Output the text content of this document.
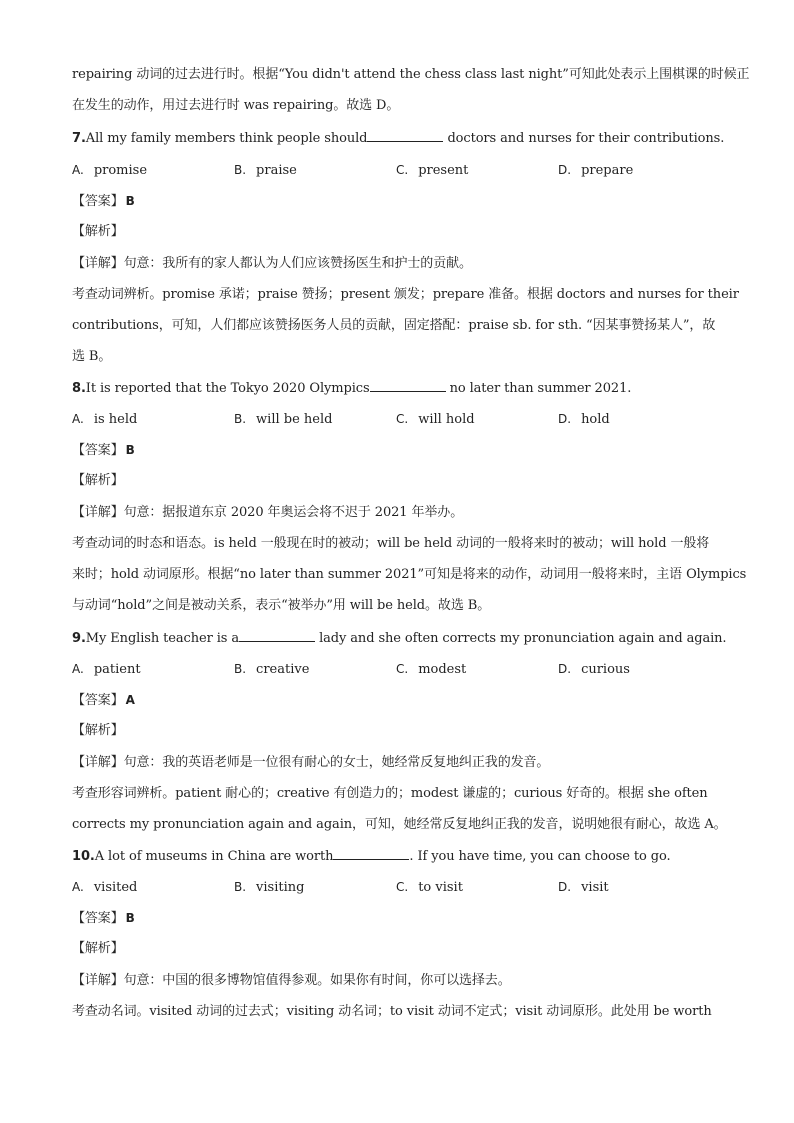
repairing 动词的过去进行时。根据“You didn't attend the chess class last night”可知此处表示上围棋课的时候正
在发生的动作，用过去进行时 was repairing。故选 D。
7.All my family members think people should	doctors and nurses for their contributions.
A. promise	B. praise	C. present	D. prepare
【答案】 B
【解析】
【详解】句意：我所有的家人都认为人们应该赞扬医生和护士的贡献。
考查动词辨析。promise 承诺；praise 赞扬；present 颁发；prepare 准备。根据 doctors and nurses for their
contributions，可知，人们都应该赞扬医务人员的贡献，固定搭配：praise sb. for sth. “因某事赞扬某人”，故
选 B。
8.It is reported that the Tokyo 2020 Olympics	no later than summer 2021.
A. is held	B. will be held	C. will hold	D. hold
【答案】 B
【解析】
【详解】句意：据报道东京 2020 年奥运会将不迟于 2021 年举办。
考查动词的时态和语态。is held 一般现在时的被动；will be held 动词的一般将来时的被动；will hold 一般将
来时；hold 动词原形。根据“no later than summer 2021”可知是将来的动作，动词用一般将来时，主语 Olympics
与动词“hold”之间是被动关系，表示“被举办”用 will be held。故选 B。
9.My English teacher is a	lady and she often corrects my pronunciation again and again.
A. patient	B. creative	C. modest	D. curious
【答案】 A
【解析】
【详解】句意：我的英语老师是一位很有耐心的女士，她经常反复地纠正我的发音。
考查形容词辨析。patient 耐心的；creative 有创造力的；modest 谦虚的；curious 好奇的。根据 she often
corrects my pronunciation again and again，可知，她经常反复地纠正我的发音，说明她很有耐心，故选 A。
10.A lot of museums in China are worth	. If you have time, you can choose to go.
A. visited	B. visiting	C. to visit	D. visit
【答案】 B
【解析】
【详解】句意：中国的很多博物馆值得参观。如果你有时间，你可以选择去。
考查动名词。visited 动词的过去式；visiting 动名词；to visit 动词不定式；visit 动词原形。此处用 be worth
